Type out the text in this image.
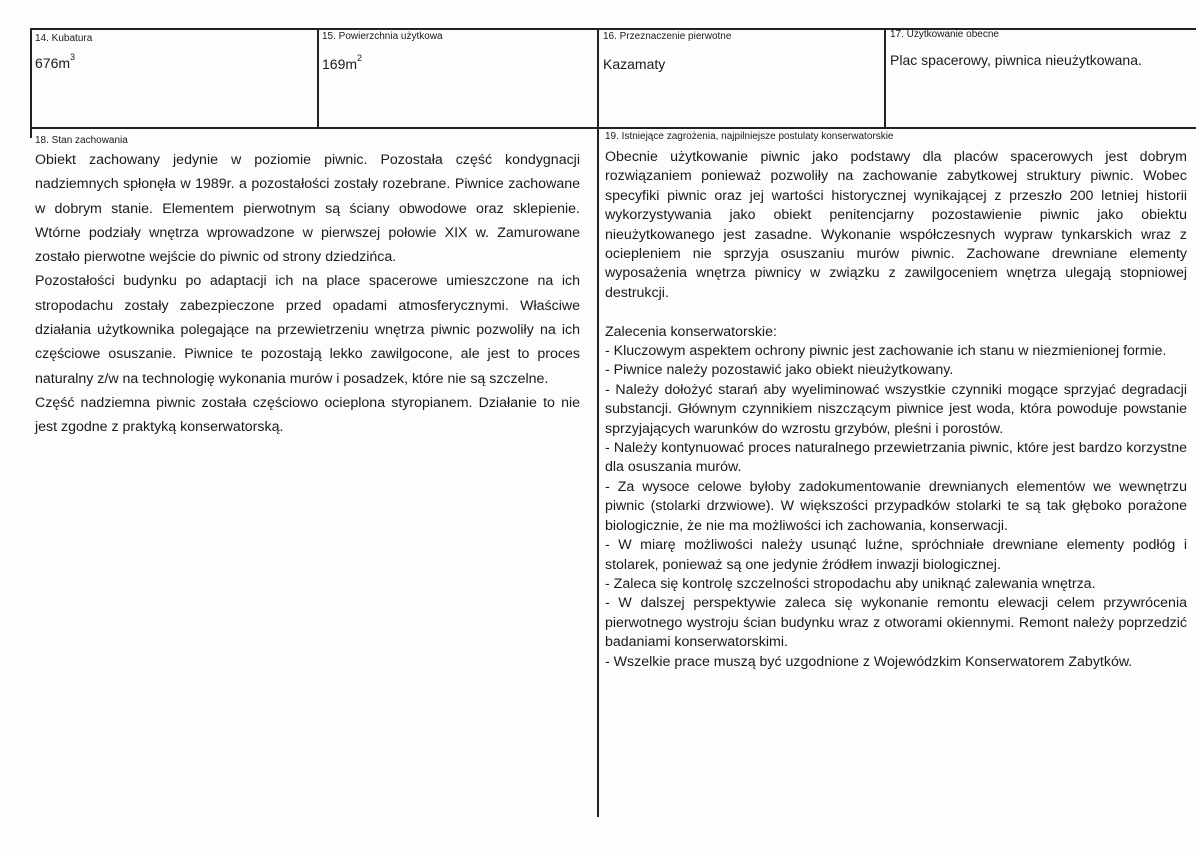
14. Kubatura
$676m^3$
15. Powierzchnia użytkowa
$169m^2$
16. Przeznaczenie pierwotne
Kazamaty
17. Użytkowanie obecne
Plac spacerowy, piwnica nieużytkowana.
18. Stan zachowania

Obiekt zachowany jedynie w poziomie piwnic. Pozostała część kondygnacji nadziemnych spłonęła w 1989r. a pozostałości zostały rozebrane. Piwnice zachowane w dobrym stanie. Elementem pierwotnym są ściany obwodowe oraz sklepienie. Wtórne podziały wnętrza wprowadzone w pierwszej połowie XIX w. Zamurowane zostało pierwotne wejście do piwnic od strony dziedzińca.

Pozostałości budynku po adaptacji ich na place spacerowe umieszczone na ich stropodachu zostały zabezpieczone przed opadami atmosferycznymi. Właściwe działania użytkownika polegające na przewietrzeniu wnętrza piwnic pozwoliły na ich częściowe osuszanie. Piwnice te pozostają lekko zawilgocone, ale jest to proces naturalny z/w na technologię wykonania murów i posadzek, które nie są szczelne.

Część nadziemna piwnic została częściowo ocieplona styropianem. Działanie to nie jest zgodne z praktyką konserwatorską.

19. Istniejące zagrożenia, najpilniejsze postulaty konserwatorskie

Obecnie użytkowanie piwnic jako podstawy dla placów spacerowych jest dobrym rozwiązaniem ponieważ pozwoliły na zachowanie zabytkowej struktury piwnic. Wobec specyfiki piwnic oraz jej wartości historycznej wynikającej z przeszło 200 letniej historii wykorzystywania jako obiekt penitencjarny pozostawienie piwnic jako obiektu nieużytkowanego jest zasadne. Wykonanie współczesnych wypraw tynkarskich wraz z ociepleniem nie sprzyja osuszaniu murów piwnic. Zachowane drewniane elementy wyposażenia wnętrza piwnicy w związku z zawilgoceniem wnętrza ulegają stopniowej destrukcji.

Zalecenia konserwatorskie:

- Kluczowym aspektem ochrony piwnic jest zachowanie ich stanu w niezmienionej formie.
- Piwnice należy pozostawić jako obiekt nieużytkowany.
- Należy dołożyć starań aby wyeliminować wszystkie czynniki mogące sprzyjać degradacji substancji. Głównym czynnikiem niszczącym piwnice jest woda, która powoduje powstanie sprzyjających warunków do wzrostu grzybów, pleśni i porostów.
- Należy kontynuować proces naturalnego przewietrzania piwnic, które jest bardzo korzystne dla osuszania murów.
- Za wysoce celowe byłoby zadokumentowanie drewnianych elementów we wewnętrzu piwnic (stolarki drzwiowe). W większości przypadków stolarki te są tak głęboko porażone biologicznie, że nie ma możliwości ich zachowania, konserwacji.
- W miarę możliwości należy usunąć luźne, spróchniałe drewniane elementy podłóg i stolarek, ponieważ są one jedynie źródłem inwazji biologicznej.
- Zaleca się kontrolę szczelności stropodachu aby uniknąć zalewania wnętrza.
- W dalszej perspektywie zaleca się wykonanie remontu elewacji celem przywrócenia pierwotnego wystroju ścian budynku wraz z otworami okiennymi. Remont należy poprzedzić badaniami konserwatorskimi.
- Wszelkie prace muszą być uzgodnione z Wojewódzkim Konserwatorem Zabytków.
